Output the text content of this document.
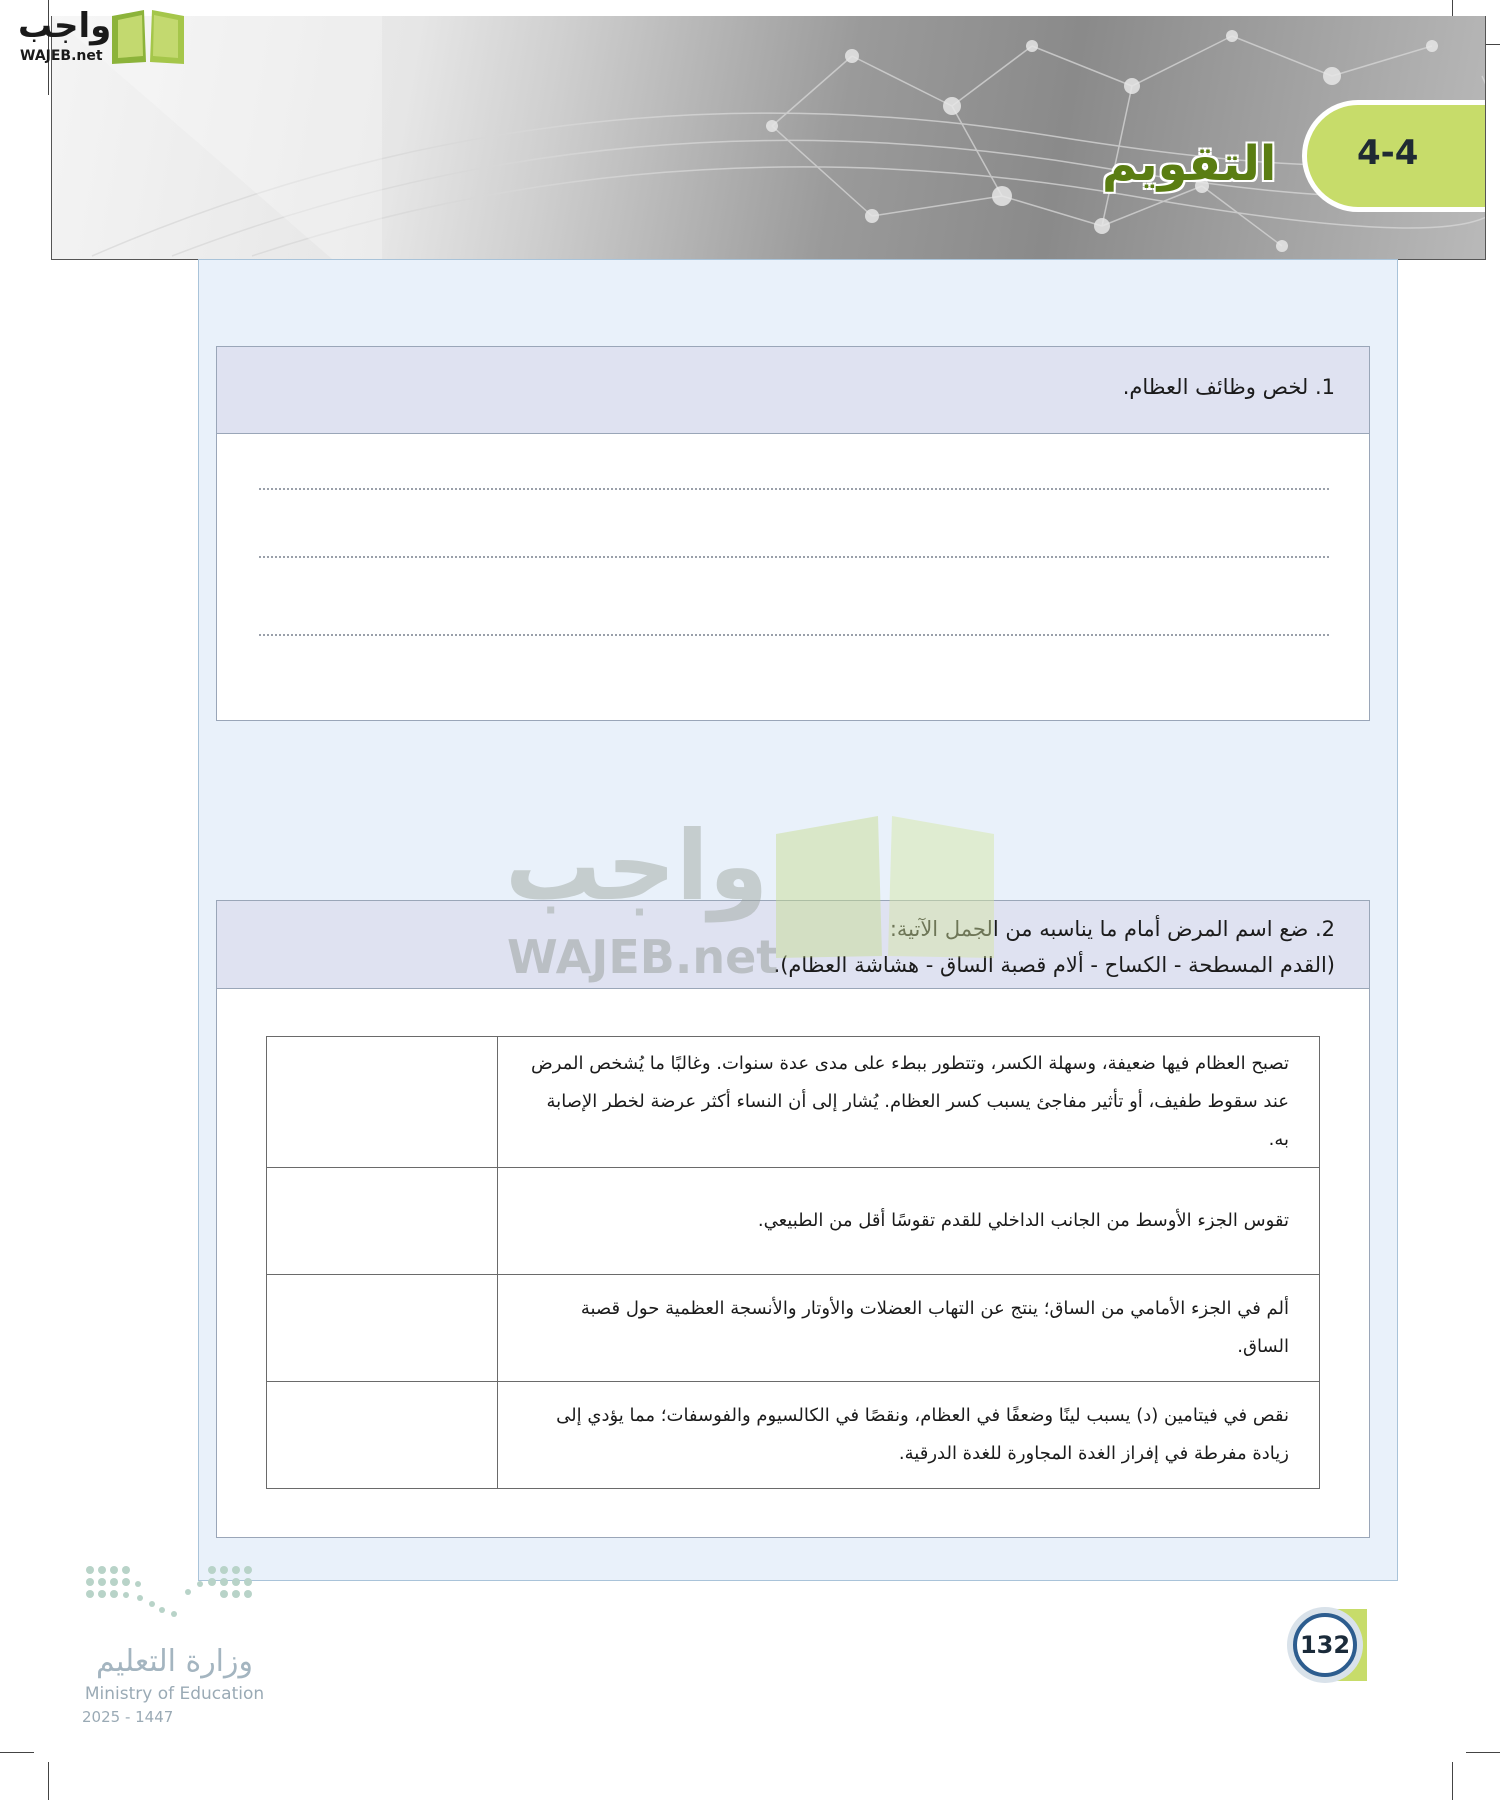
4-4
التقويم
واجب
WAJEB.net
1. لخص وظائف العظام.
2. ضع اسم المرض أمام ما يناسبه من الجمل الآتية:
(القدم المسطحة - الكساح - ألام قصبة الساق - هشاشة العظام).
تصبح العظام فيها ضعيفة، وسهلة الكسر، وتتطور ببطء على مدى عدة سنوات. وغالبًا ما يُشخص المرض عند سقوط طفيف، أو تأثير مفاجئ يسبب كسر العظام. يُشار إلى أن النساء أكثر عرضة لخطر الإصابة به.	
تقوس الجزء الأوسط من الجانب الداخلي للقدم تقوسًا أقل من الطبيعي.	
ألم في الجزء الأمامي من الساق؛ ينتج عن التهاب العضلات والأوتار والأنسجة العظمية حول قصبة الساق.	
نقص في فيتامين (د) يسبب لينًا وضعفًا في العظام، ونقصًا في الكالسيوم والفوسفات؛ مما يؤدي إلى زيادة مفرطة في إفراز الغدة المجاورة للغدة الدرقية.	
واجب
WAJEB.net
132
وزارة التعليم
Ministry of Education
2025 - 1447
